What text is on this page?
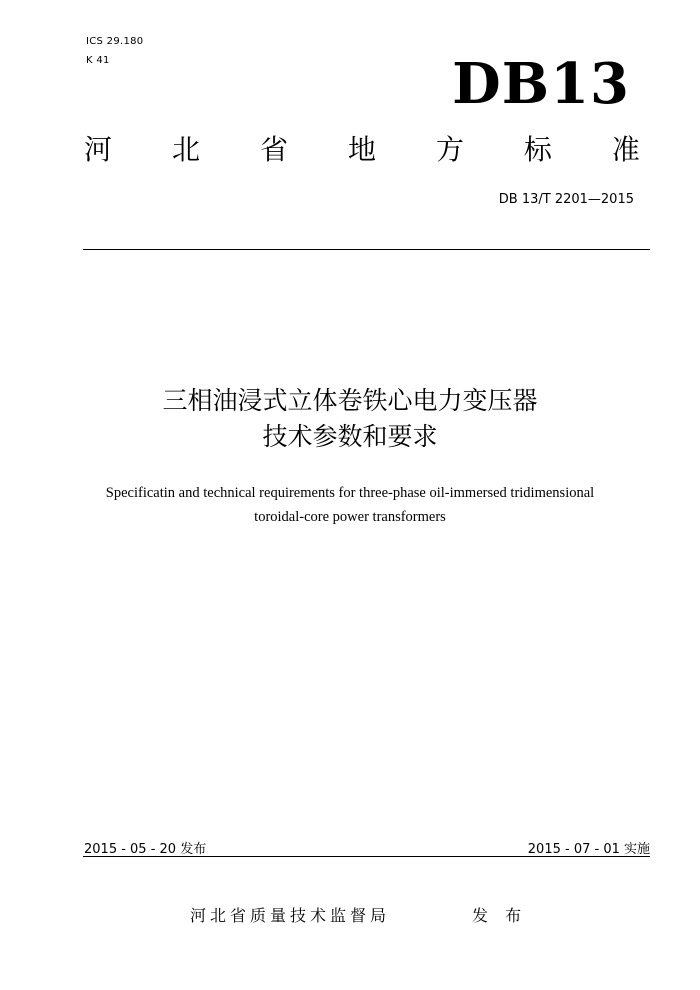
ICS 29.180
K 41	DB13
河 北 省 地 方 标 准
DB 13/T 2201—2015
三相油浸式立体卷铁心电力变压器
技术参数和要求
Specificatin and technical requirements for three-phase oil-immersed tridimensional
toroidal-core power transformers
2015 - 05 - 20 发布	2015 - 07 - 01 实施
河北省质量技术监督局	发 布
